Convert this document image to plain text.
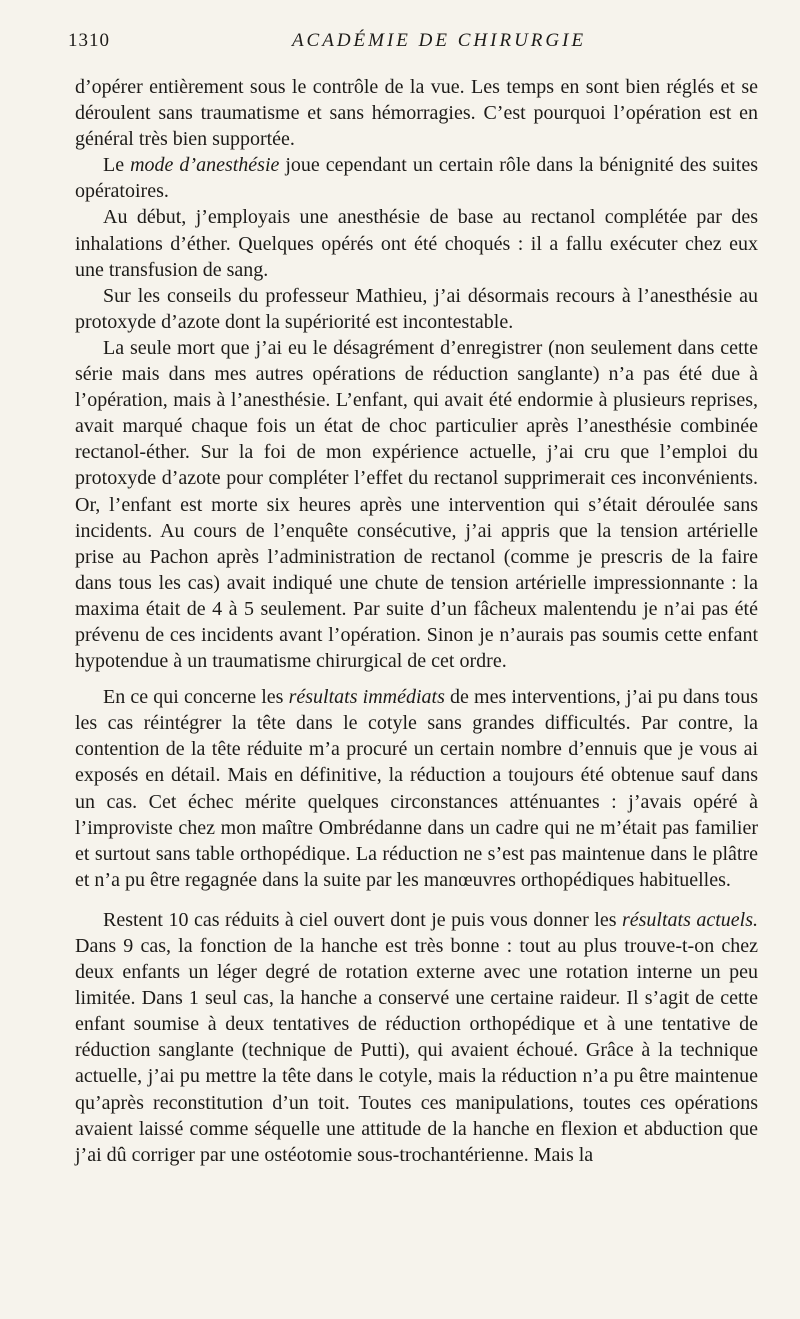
1310	ACADÉMIE DE CHIRURGIE

d’opérer entièrement sous le contrôle de la vue. Les temps en sont bien réglés et se déroulent sans traumatisme et sans hémorragies. C’est pourquoi l’opération est en général très bien supportée.

Le mode d’anesthésie joue cependant un certain rôle dans la bénignité des suites opératoires.

Au début, j’employais une anesthésie de base au rectanol complétée par des inhalations d’éther. Quelques opérés ont été choqués : il a fallu exécuter chez eux une transfusion de sang.

Sur les conseils du professeur Mathieu, j’ai désormais recours à l’anesthésie au protoxyde d’azote dont la supériorité est incontestable.

La seule mort que j’ai eu le désagrément d’enregistrer (non seulement dans cette série mais dans mes autres opérations de réduction sanglante) n’a pas été due à l’opération, mais à l’anesthésie. L’enfant, qui avait été endormie à plusieurs reprises, avait marqué chaque fois un état de choc particulier après l’anesthésie combinée rectanol-éther. Sur la foi de mon expérience actuelle, j’ai cru que l’emploi du protoxyde d’azote pour compléter l’effet du rectanol supprimerait ces inconvénients. Or, l’enfant est morte six heures après une intervention qui s’était déroulée sans incidents. Au cours de l’enquête consécutive, j’ai appris que la tension artérielle prise au Pachon après l’administration de rectanol (comme je prescris de la faire dans tous les cas) avait indiqué une chute de tension artérielle impressionnante : la maxima était de 4 à 5 seulement. Par suite d’un fâcheux malentendu je n’ai pas été prévenu de ces incidents avant l’opération. Sinon je n’aurais pas soumis cette enfant hypotendue à un traumatisme chirurgical de cet ordre.

En ce qui concerne les résultats immédiats de mes interventions, j’ai pu dans tous les cas réintégrer la tête dans le cotyle sans grandes difficultés. Par contre, la contention de la tête réduite m’a procuré un certain nombre d’ennuis que je vous ai exposés en détail. Mais en définitive, la réduction a toujours été obtenue sauf dans un cas. Cet échec mérite quelques circonstances atténuantes : j’avais opéré à l’improviste chez mon maître Ombrédanne dans un cadre qui ne m’était pas familier et surtout sans table orthopédique. La réduction ne s’est pas maintenue dans le plâtre et n’a pu être regagnée dans la suite par les manœuvres orthopédiques habituelles.

Restent 10 cas réduits à ciel ouvert dont je puis vous donner les résultats actuels. Dans 9 cas, la fonction de la hanche est très bonne : tout au plus trouve-t-on chez deux enfants un léger degré de rotation externe avec une rotation interne un peu limitée. Dans 1 seul cas, la hanche a conservé une certaine raideur. Il s’agit de cette enfant soumise à deux tentatives de réduction orthopédique et à une tentative de réduction sanglante (technique de Putti), qui avaient échoué. Grâce à la technique actuelle, j’ai pu mettre la tête dans le cotyle, mais la réduction n’a pu être maintenue qu’après reconstitution d’un toit. Toutes ces manipulations, toutes ces opérations avaient laissé comme séquelle une attitude de la hanche en flexion et abduction que j’ai dû corriger par une ostéotomie sous-trochantérienne. Mais la
